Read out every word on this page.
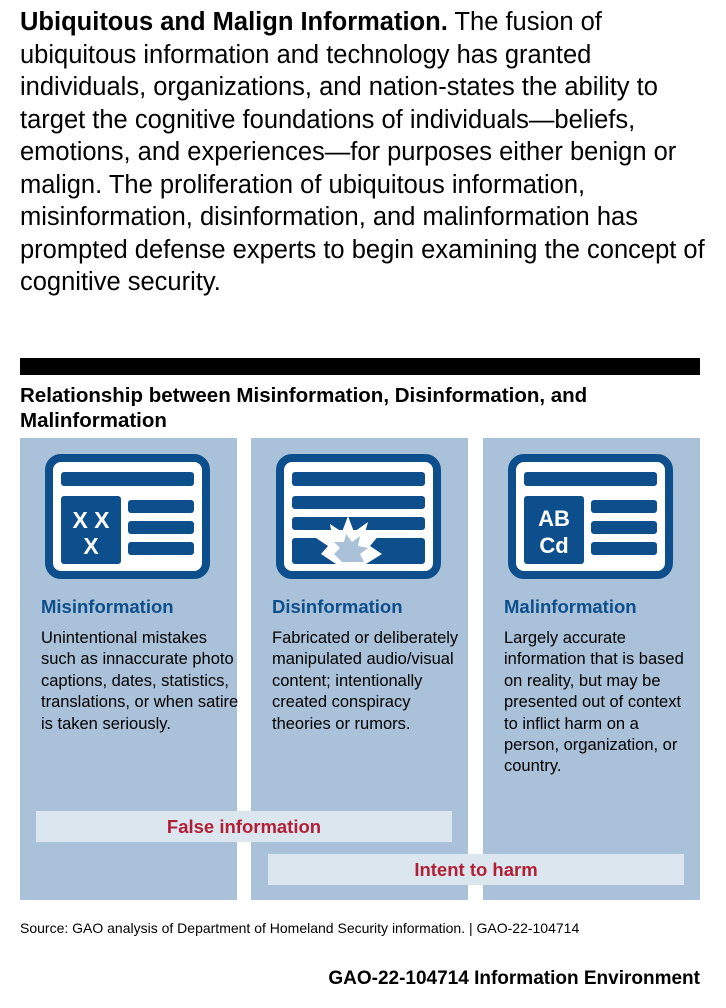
Ubiquitous and Malign Information. The fusion of ubiquitous information and technology has granted individuals, organizations, and nation-states the ability to target the cognitive foundations of individuals—beliefs, emotions, and experiences—for purposes either benign or malign. The proliferation of ubiquitous information, misinformation, disinformation, and malinformation has prompted defense experts to begin examining the concept of cognitive security.

Relationship between Misinformation, Disinformation, and Malinformation

X X
X
Misinformation
Unintentional mistakes such as innaccurate photo captions, dates, statistics, translations, or when satire is taken seriously.
Disinformation
Fabricated or deliberately manipulated audio/visual content; intentionally created conspiracy theories or rumors.
AB
Cd
Malinformation
Largely accurate information that is based on reality, but may be presented out of context to inflict harm on a person, organization, or country.
False information
Intent to harm
Source: GAO analysis of Department of Homeland Security information. | GAO-22-104714
GAO-22-104714 Information Environment
